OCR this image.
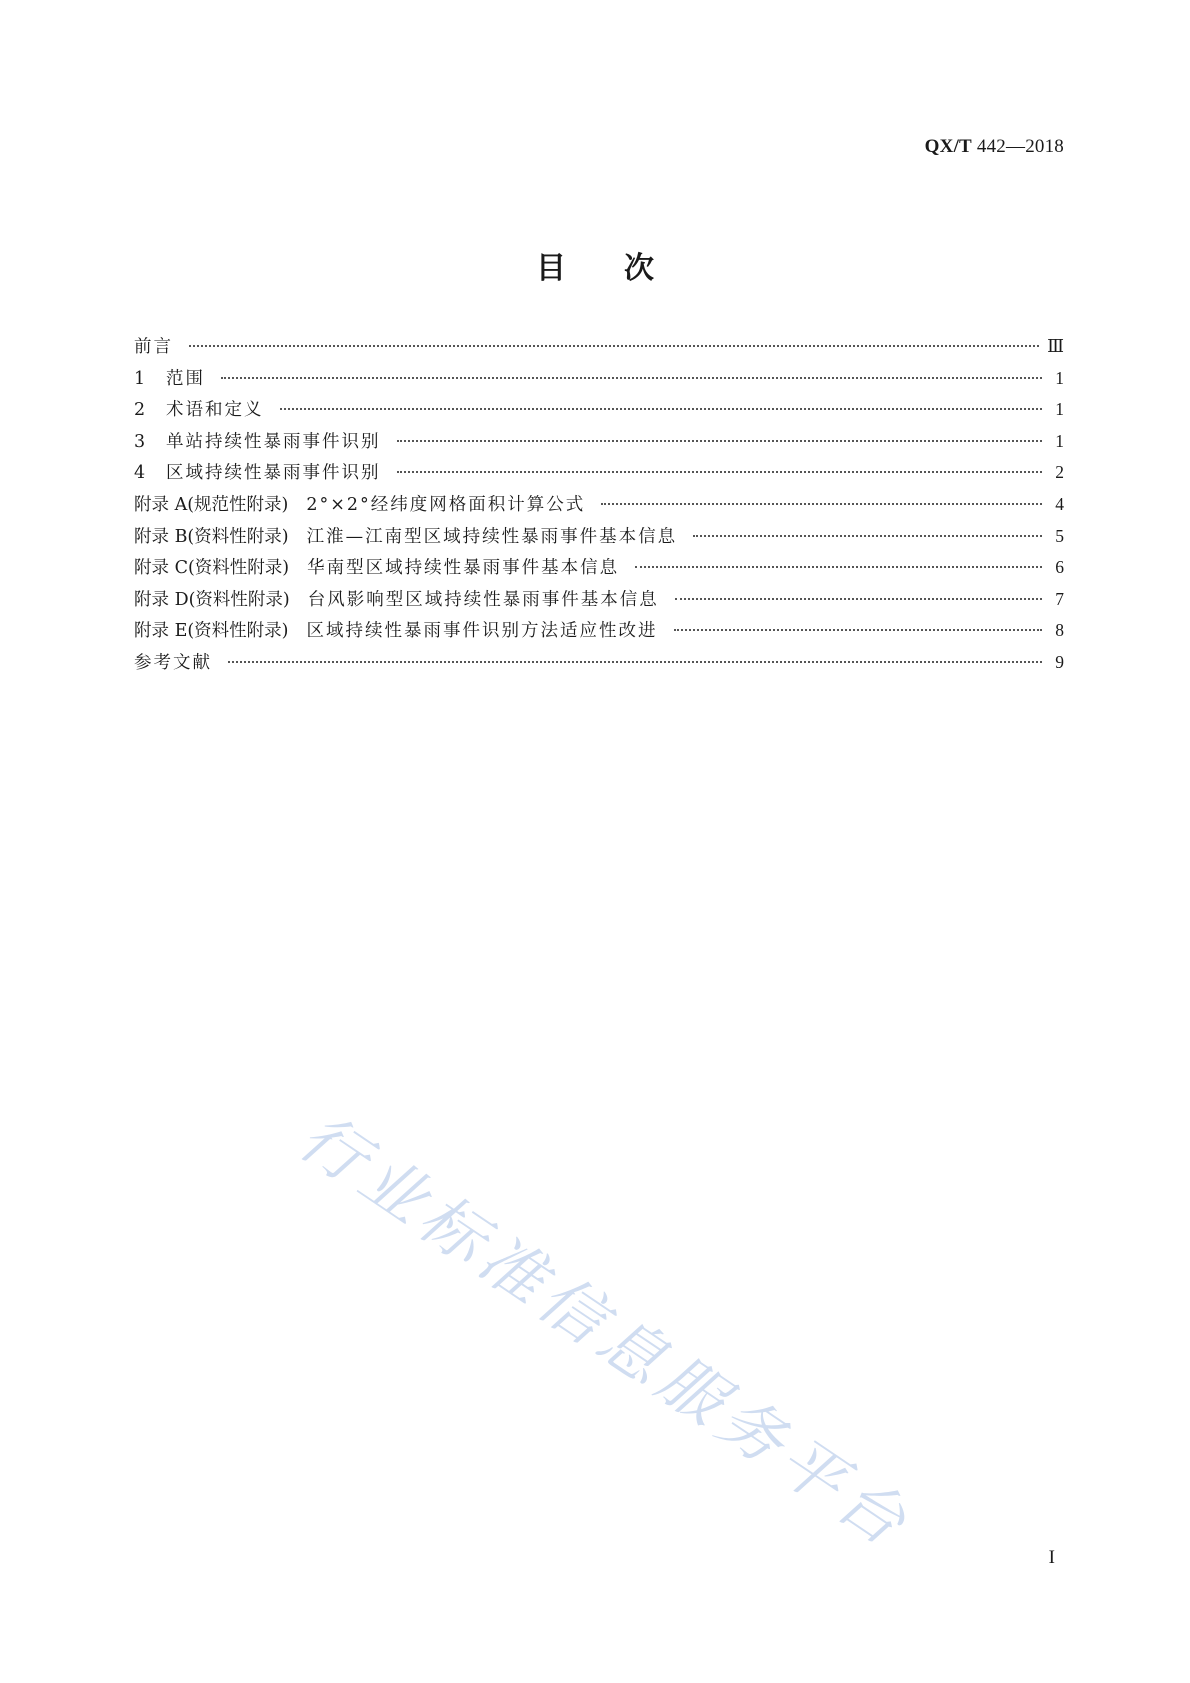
QX/T 442—2018
目次
前言	Ⅲ
1	范围	1
2	术语和定义	1
3	单站持续性暴雨事件识别	1
4	区域持续性暴雨事件识别	2
附录 A(规范性附录) 2°×2°经纬度网格面积计算公式	4
附录 B(资料性附录) 江淮—江南型区域持续性暴雨事件基本信息	5
附录 C(资料性附录) 华南型区域持续性暴雨事件基本信息	6
附录 D(资料性附录) 台风影响型区域持续性暴雨事件基本信息	7
附录 E(资料性附录) 区域持续性暴雨事件识别方法适应性改进	8
参考文献	9
行业标准信息服务平台	I
